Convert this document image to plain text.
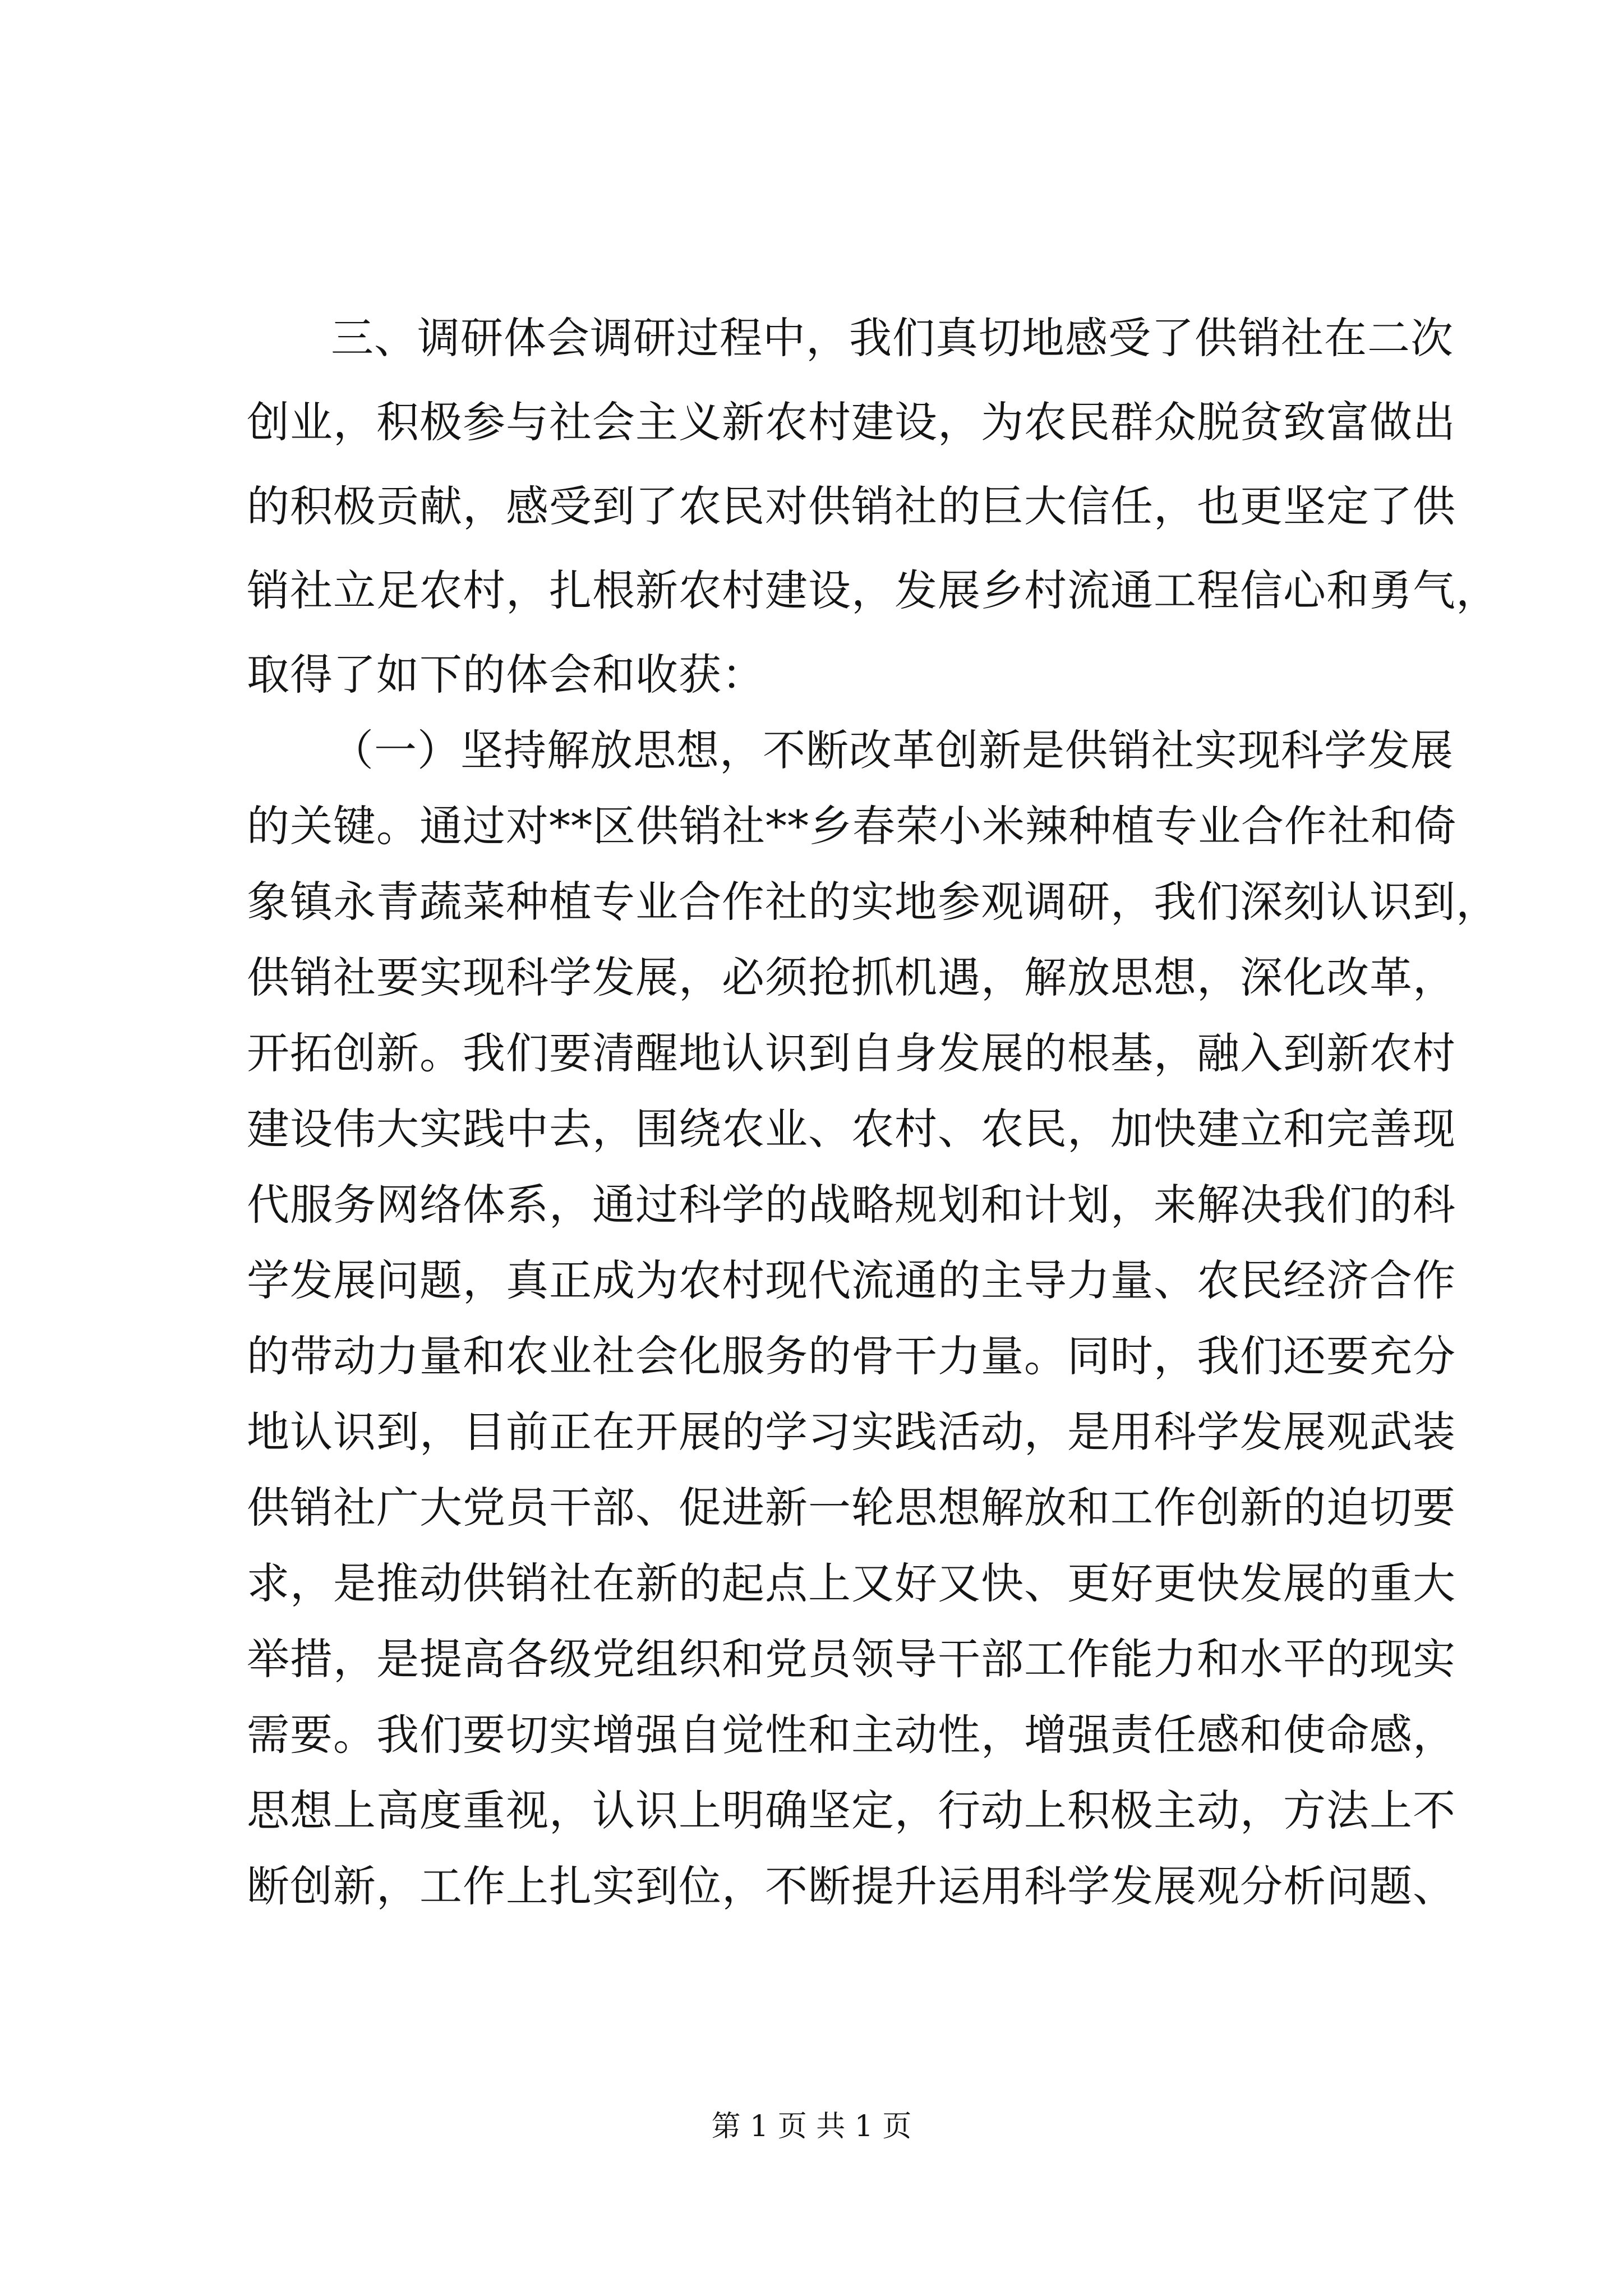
三、调研体会调研过程中，我们真切地感受了供销社在二次
创业，积极参与社会主义新农村建设，为农民群众脱贫致富做出
的积极贡献，感受到了农民对供销社的巨大信任，也更坚定了供
销社立足农村，扎根新农村建设，发展乡村流通工程信心和勇气，
取得了如下的体会和收获：
（一）坚持解放思想，不断改革创新是供销社实现科学发展
的关键。通过对**区供销社**乡春荣小米辣种植专业合作社和倚
象镇永青蔬菜种植专业合作社的实地参观调研，我们深刻认识到，
供销社要实现科学发展，必须抢抓机遇，解放思想，深化改革，
开拓创新。我们要清醒地认识到自身发展的根基，融入到新农村
建设伟大实践中去，围绕农业、农村、农民，加快建立和完善现
代服务网络体系，通过科学的战略规划和计划，来解决我们的科
学发展问题，真正成为农村现代流通的主导力量、农民经济合作
的带动力量和农业社会化服务的骨干力量。同时，我们还要充分
地认识到，目前正在开展的学习实践活动，是用科学发展观武装
供销社广大党员干部、促进新一轮思想解放和工作创新的迫切要
求，是推动供销社在新的起点上又好又快、更好更快发展的重大
举措，是提高各级党组织和党员领导干部工作能力和水平的现实
需要。我们要切实增强自觉性和主动性，增强责任感和使命感，
思想上高度重视，认识上明确坚定，行动上积极主动，方法上不
断创新，工作上扎实到位，不断提升运用科学发展观分析问题、
第 1 页 共 1 页
